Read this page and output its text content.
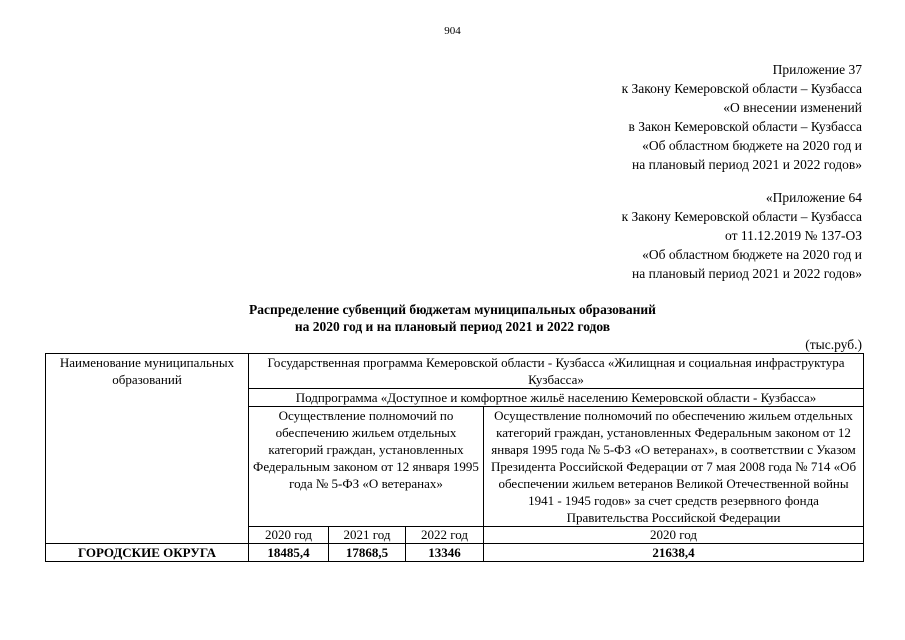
904
Приложение 37
к Закону Кемеровской области – Кузбасса
«О внесении изменений
в Закон Кемеровской области – Кузбасса
«Об областном бюджете на 2020 год и
на плановый период 2021 и 2022 годов»
«Приложение 64
к Закону Кемеровской области – Кузбасса
от 11.12.2019 № 137-ОЗ
«Об областном бюджете на 2020 год и
на плановый период 2021 и 2022 годов»
Распределение субвенций бюджетам муниципальных образований
на 2020 год и на плановый период 2021 и 2022 годов
(тыс.руб.)
Наименование муниципальных образований	Государственная программа Кемеровской области - Кузбасса «Жилищная и социальная инфраструктура Кузбасса»			
	Подпрограмма «Доступное и комфортное жильё населению Кемеровской области - Кузбасса»			
	Осуществление полномочий по обеспечению жильем отдельных категорий граждан, установленных Федеральным законом от 12 января 1995 года № 5-ФЗ «О ветеранах»			Осуществление полномочий по обеспечению жильем отдельных категорий граждан, установленных Федеральным законом от 12 января 1995 года № 5-ФЗ «О ветеранах», в соответствии с Указом Президента Российской Федерации от 7 мая 2008 года № 714 «Об обеспечении жильем ветеранов Великой Отечественной войны 1941 - 1945 годов» за счет средств резервного фонда Правительства Российской Федерации
	2020 год	2021 год	2022 год	2020 год
ГОРОДСКИЕ ОКРУГА	18485,4	17868,5	13346	21638,4
